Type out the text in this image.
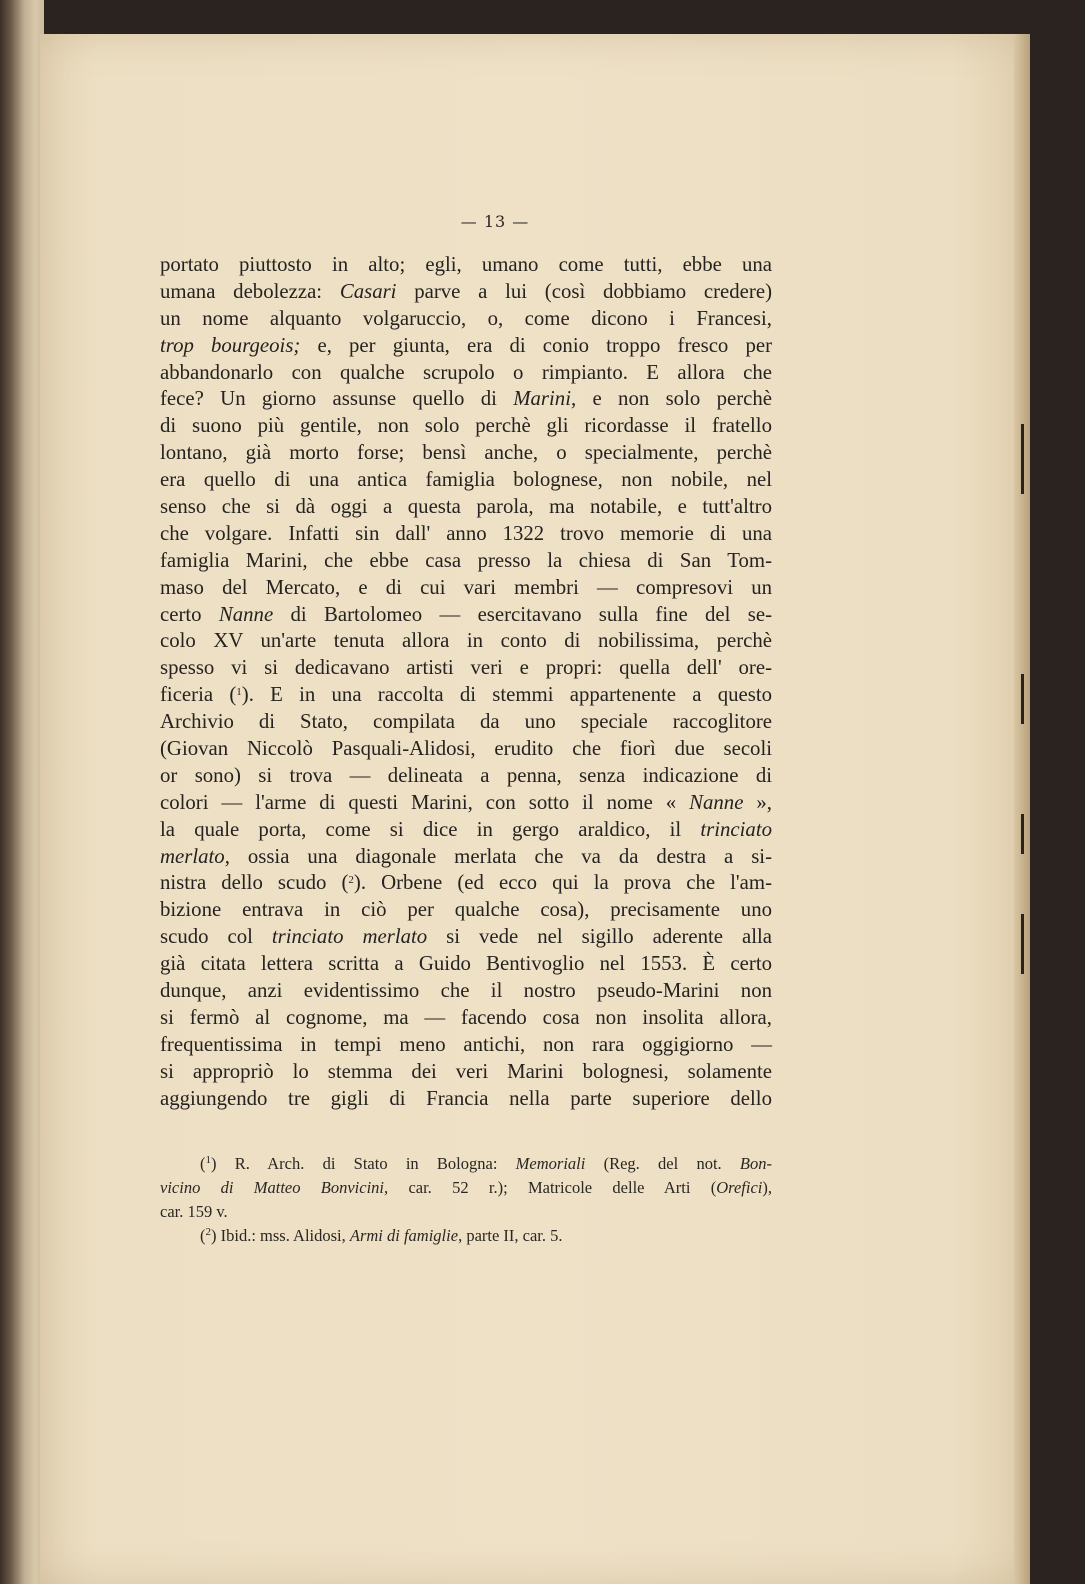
— 13 —
portato piuttosto in alto; egli, umano come tutti, ebbe una
umana debolezza: Casari parve a lui (così dobbiamo credere)
un nome alquanto volgaruccio, o, come dicono i Francesi,
trop bourgeois; e, per giunta, era di conio troppo fresco per
abbandonarlo con qualche scrupolo o rimpianto. E allora che
fece? Un giorno assunse quello di Marini, e non solo perchè
di suono più gentile, non solo perchè gli ricordasse il fratello
lontano, già morto forse; bensì anche, o specialmente, perchè
era quello di una antica famiglia bolognese, non nobile, nel
senso che si dà oggi a questa parola, ma notabile, e tutt'altro
che volgare. Infatti sin dall' anno 1322 trovo memorie di una
famiglia Marini, che ebbe casa presso la chiesa di San Tom-
maso del Mercato, e di cui vari membri — compresovi un
certo Nanne di Bartolomeo — esercitavano sulla fine del se-
colo XV un'arte tenuta allora in conto di nobilissima, perchè
spesso vi si dedicavano artisti veri e propri: quella dell' ore-
ficeria ($^1$). E in una raccolta di stemmi appartenente a questo
Archivio di Stato, compilata da uno speciale raccoglitore
(Giovan Niccolò Pasquali-Alidosi, erudito che fiorì due secoli
or sono) si trova — delineata a penna, senza indicazione di
colori — l'arme di questi Marini, con sotto il nome « Nanne »,
la quale porta, come si dice in gergo araldico, il trinciato
merlato, ossia una diagonale merlata che va da destra a si-
nistra dello scudo ($^2$). Orbene (ed ecco qui la prova che l'am-
bizione entrava in ciò per qualche cosa), precisamente uno
scudo col trinciato merlato si vede nel sigillo aderente alla
già citata lettera scritta a Guido Bentivoglio nel 1553. È certo
dunque, anzi evidentissimo che il nostro pseudo-Marini non
si fermò al cognome, ma — facendo cosa non insolita allora,
frequentissima in tempi meno antichi, non rara oggigiorno —
si appropriò lo stemma dei veri Marini bolognesi, solamente
aggiungendo tre gigli di Francia nella parte superiore dello
($^1$) R. Arch. di Stato in Bologna: Memoriali (Reg. del not. Bon-
vicino di Matteo Bonvicini, car. 52 r.); Matricole delle Arti (Orefici),
car. 159 v.
($^2$) Ibid.: mss. Alidosi, Armi di famiglie, parte II, car. 5.
